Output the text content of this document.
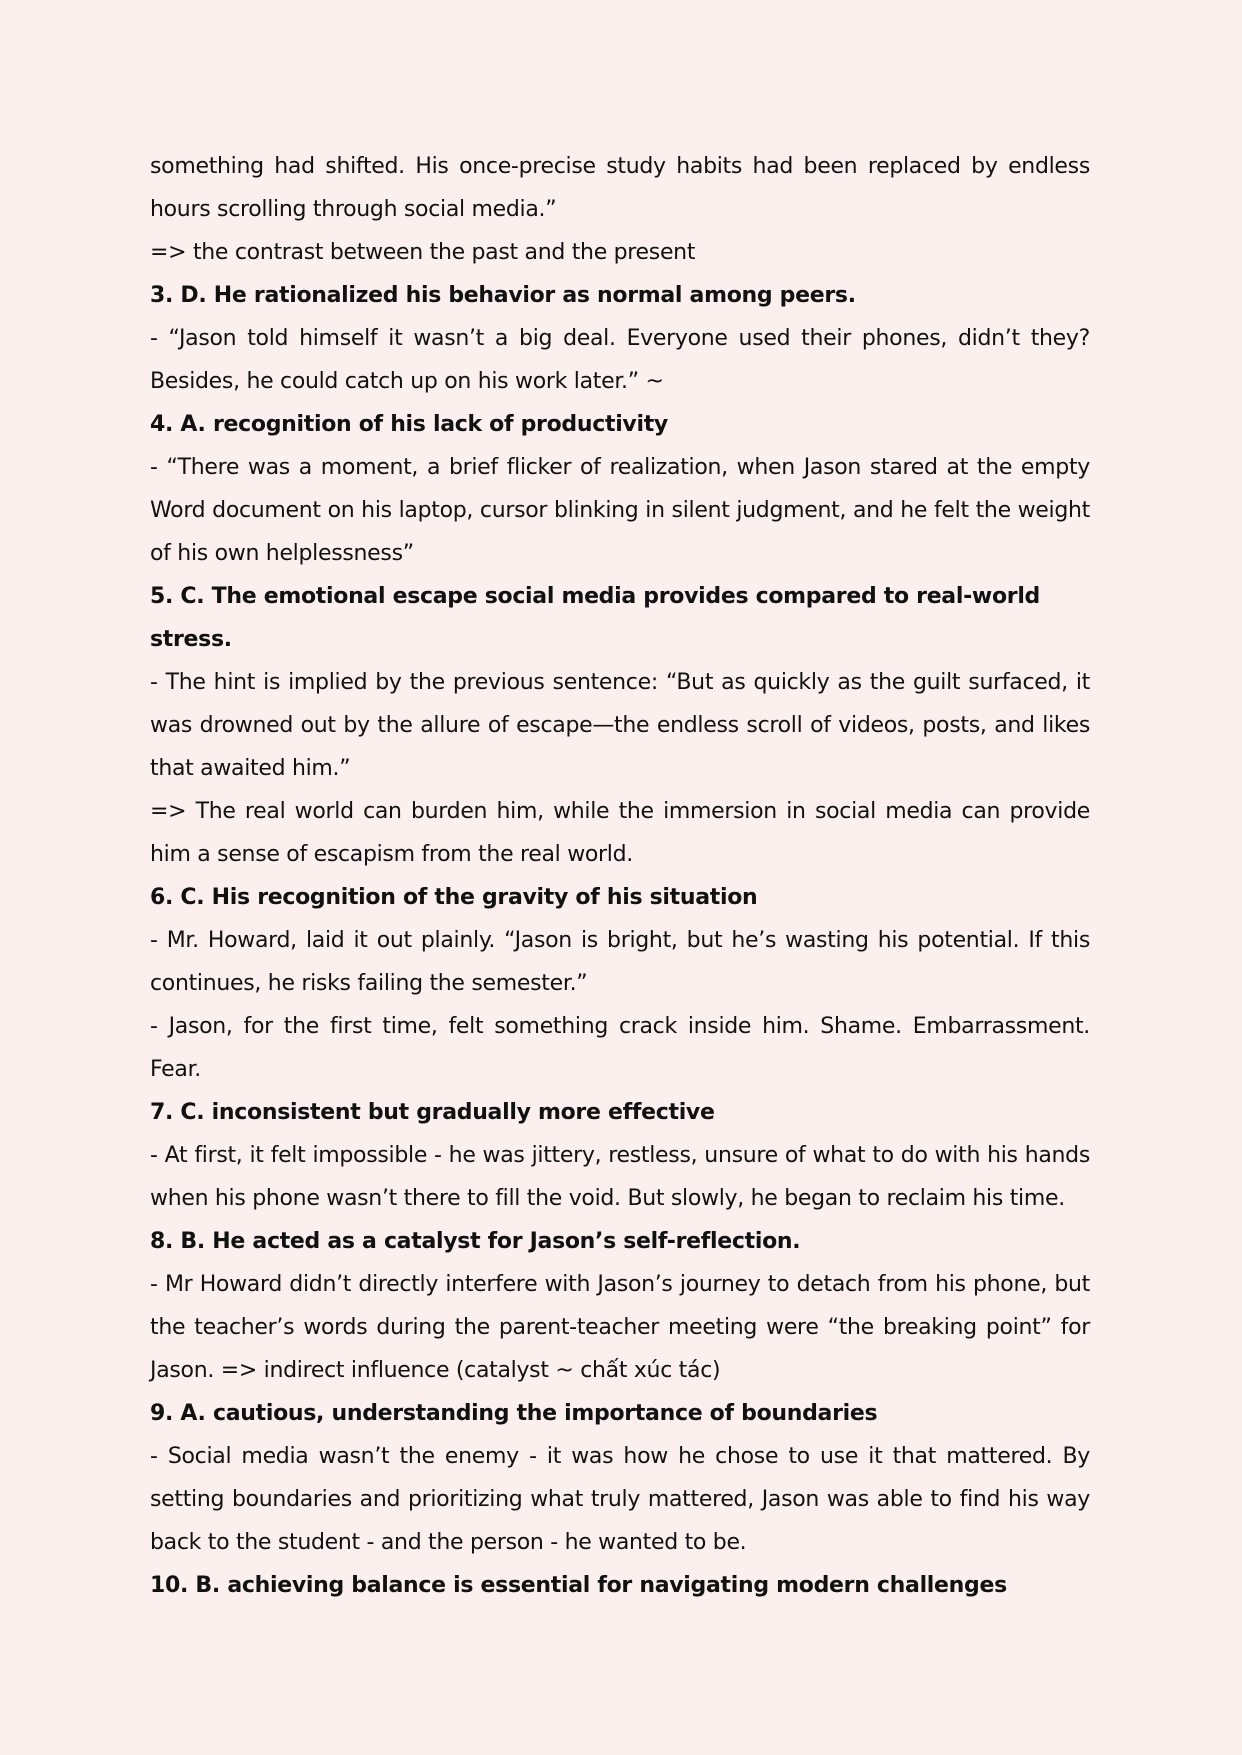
something had shifted. His once-precise study habits had been replaced by endless hours scrolling through social media.”

=> the contrast between the past and the present

3. D. He rationalized his behavior as normal among peers.

- “Jason told himself it wasn’t a big deal. Everyone used their phones, didn’t they? Besides, he could catch up on his work later.” ~

4. A. recognition of his lack of productivity

- “There was a moment, a brief flicker of realization, when Jason stared at the empty Word document on his laptop, cursor blinking in silent judgment, and he felt the weight of his own helplessness”

5. C. The emotional escape social media provides compared to real-world stress.

- The hint is implied by the previous sentence: “But as quickly as the guilt surfaced, it was drowned out by the allure of escape—the endless scroll of videos, posts, and likes that awaited him.”

=> The real world can burden him, while the immersion in social media can provide him a sense of escapism from the real world.

6. C. His recognition of the gravity of his situation

- Mr. Howard, laid it out plainly. “Jason is bright, but he’s wasting his potential. If this continues, he risks failing the semester.”

- Jason, for the first time, felt something crack inside him. Shame. Embarrassment. Fear.

7. C. inconsistent but gradually more effective

- At first, it felt impossible - he was jittery, restless, unsure of what to do with his hands when his phone wasn’t there to fill the void. But slowly, he began to reclaim his time.

8. B. He acted as a catalyst for Jason’s self-reflection.

- Mr Howard didn’t directly interfere with Jason’s journey to detach from his phone, but the teacher’s words during the parent-teacher meeting were “the breaking point” for Jason. => indirect influence (catalyst ~ chất xúc tác)

9. A. cautious, understanding the importance of boundaries

- Social media wasn’t the enemy - it was how he chose to use it that mattered. By setting boundaries and prioritizing what truly mattered, Jason was able to find his way back to the student - and the person - he wanted to be.

10. B. achieving balance is essential for navigating modern challenges
